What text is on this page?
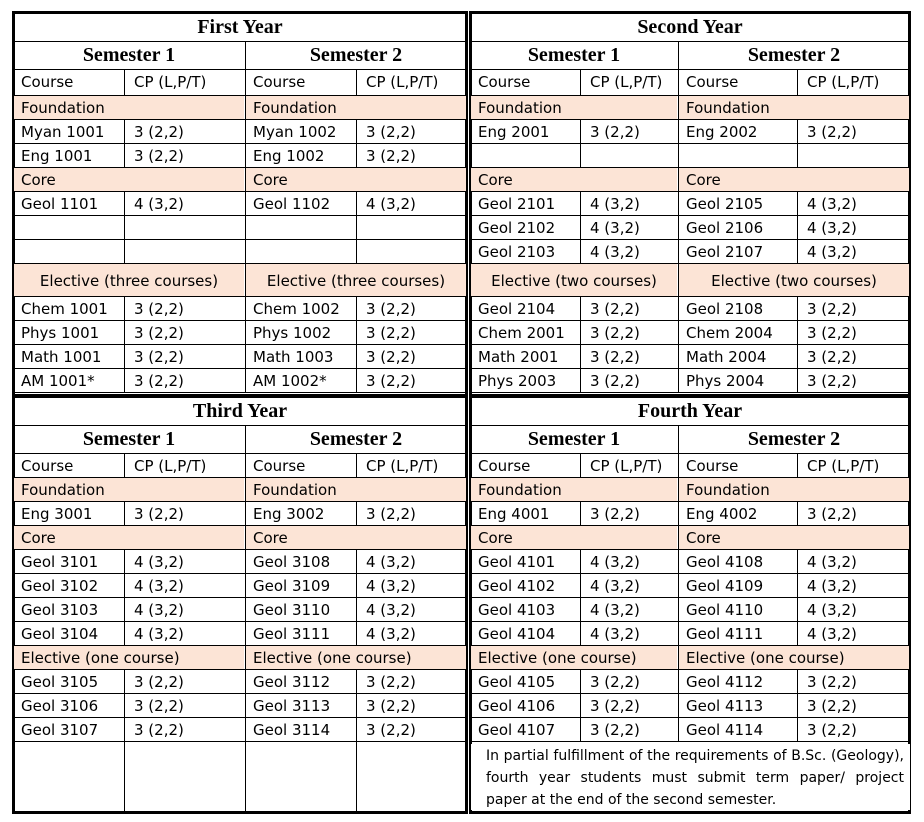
First Year
Semester 1
Course	CP (L,P/T)
Foundation
Myan 1001	3 (2,2)
Eng 1001	3 (2,2)
Core
Geol 1101	4 (3,2)
Elective (three courses)
Chem 1001	3 (2,2)
Phys 1001	3 (2,2)
Math 1001	3 (2,2)
AM 1001*	3 (2,2)
Semester 2
Course	CP (L,P/T)
Foundation
Myan 1002	3 (2,2)
Eng 1002	3 (2,2)
Core
Geol 1102	4 (3,2)
Elective (three courses)
Chem 1002	3 (2,2)
Phys 1002	3 (2,2)
Math 1003	3 (2,2)
AM 1002*	3 (2,2)
Second Year
Semester 1
Course	CP (L,P/T)
Foundation
Eng 2001	3 (2,2)
Core
Geol 2101	4 (3,2)
Geol 2102	4 (3,2)
Geol 2103	4 (3,2)
Elective (two courses)
Geol 2104	3 (2,2)
Chem 2001	3 (2,2)
Math 2001	3 (2,2)
Phys 2003	3 (2,2)
Semester 2
Course	CP (L,P/T)
Foundation
Eng 2002	3 (2,2)
Core
Geol 2105	4 (3,2)
Geol 2106	4 (3,2)
Geol 2107	4 (3,2)
Elective (two courses)
Geol 2108	3 (2,2)
Chem 2004	3 (2,2)
Math 2004	3 (2,2)
Phys 2004	3 (2,2)
Third Year
Semester 1
Course	CP (L,P/T)
Foundation
Eng 3001	3 (2,2)
Core
Geol 3101	4 (3,2)
Geol 3102	4 (3,2)
Geol 3103	4 (3,2)
Geol 3104	4 (3,2)
Elective (one course)
Geol 3105	3 (2,2)
Geol 3106	3 (2,2)
Geol 3107	3 (2,2)
Semester 2
Course	CP (L,P/T)
Foundation
Eng 3002	3 (2,2)
Core
Geol 3108	4 (3,2)
Geol 3109	4 (3,2)
Geol 3110	4 (3,2)
Geol 3111	4 (3,2)
Elective (one course)
Geol 3112	3 (2,2)
Geol 3113	3 (2,2)
Geol 3114	3 (2,2)
Fourth Year
Semester 1
Course	CP (L,P/T)
Foundation
Eng 4001	3 (2,2)
Core
Geol 4101	4 (3,2)
Geol 4102	4 (3,2)
Geol 4103	4 (3,2)
Geol 4104	4 (3,2)
Elective (one course)
Geol 4105	3 (2,2)
Geol 4106	3 (2,2)
Geol 4107	3 (2,2)
Semester 2
Course	CP (L,P/T)
Foundation
Eng 4002	3 (2,2)
Core
Geol 4108	4 (3,2)
Geol 4109	4 (3,2)
Geol 4110	4 (3,2)
Geol 4111	4 (3,2)
Elective (one course)
Geol 4112	3 (2,2)
Geol 4113	3 (2,2)
Geol 4114	3 (2,2)
In partial fulfillment of the requirements of B.Sc. (Geology), fourth year students must submit term paper/ project paper at the end of the second semester.
